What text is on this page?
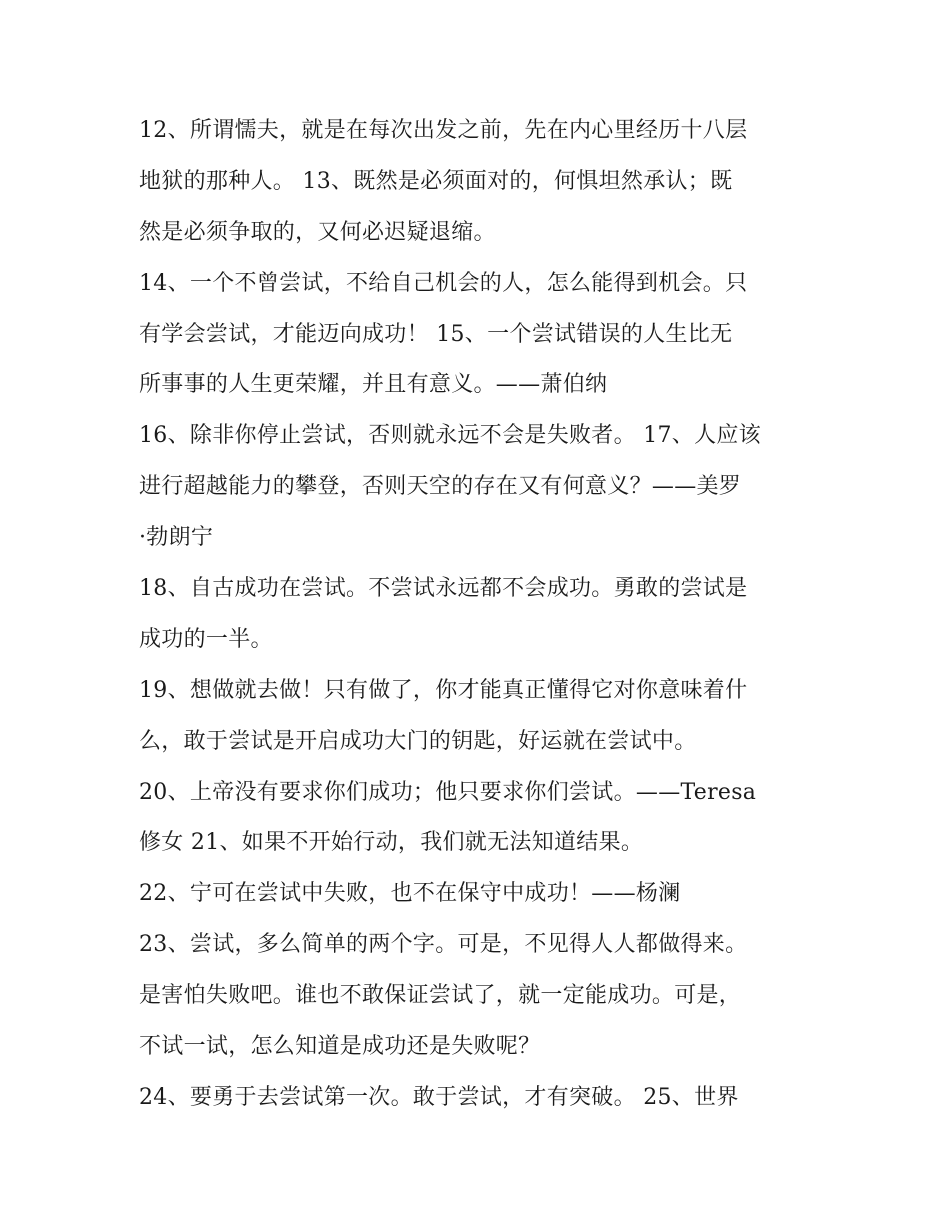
12、所谓懦夫，就是在每次出发之前，先在内心里经历十八层
地狱的那种人。 13、既然是必须面对的，何惧坦然承认；既
然是必须争取的，又何必迟疑退缩。
14、一个不曾尝试，不给自己机会的人，怎么能得到机会。只
有学会尝试，才能迈向成功！ 15、一个尝试错误的人生比无
所事事的人生更荣耀，并且有意义。——萧伯纳
16、除非你停止尝试，否则就永远不会是失败者。 17、人应该
进行超越能力的攀登，否则天空的存在又有何意义？——美罗
·勃朗宁
18、自古成功在尝试。不尝试永远都不会成功。勇敢的尝试是
成功的一半。
19、想做就去做！只有做了，你才能真正懂得它对你意味着什
么，敢于尝试是开启成功大门的钥匙，好运就在尝试中。
20、上帝没有要求你们成功；他只要求你们尝试。——Teresa
修女 21、如果不开始行动，我们就无法知道结果。
22、宁可在尝试中失败，也不在保守中成功！——杨澜
23、尝试，多么简单的两个字。可是，不见得人人都做得来。
是害怕失败吧。谁也不敢保证尝试了，就一定能成功。可是，
不试一试，怎么知道是成功还是失败呢？
24、要勇于去尝试第一次。敢于尝试，才有突破。 25、世界
